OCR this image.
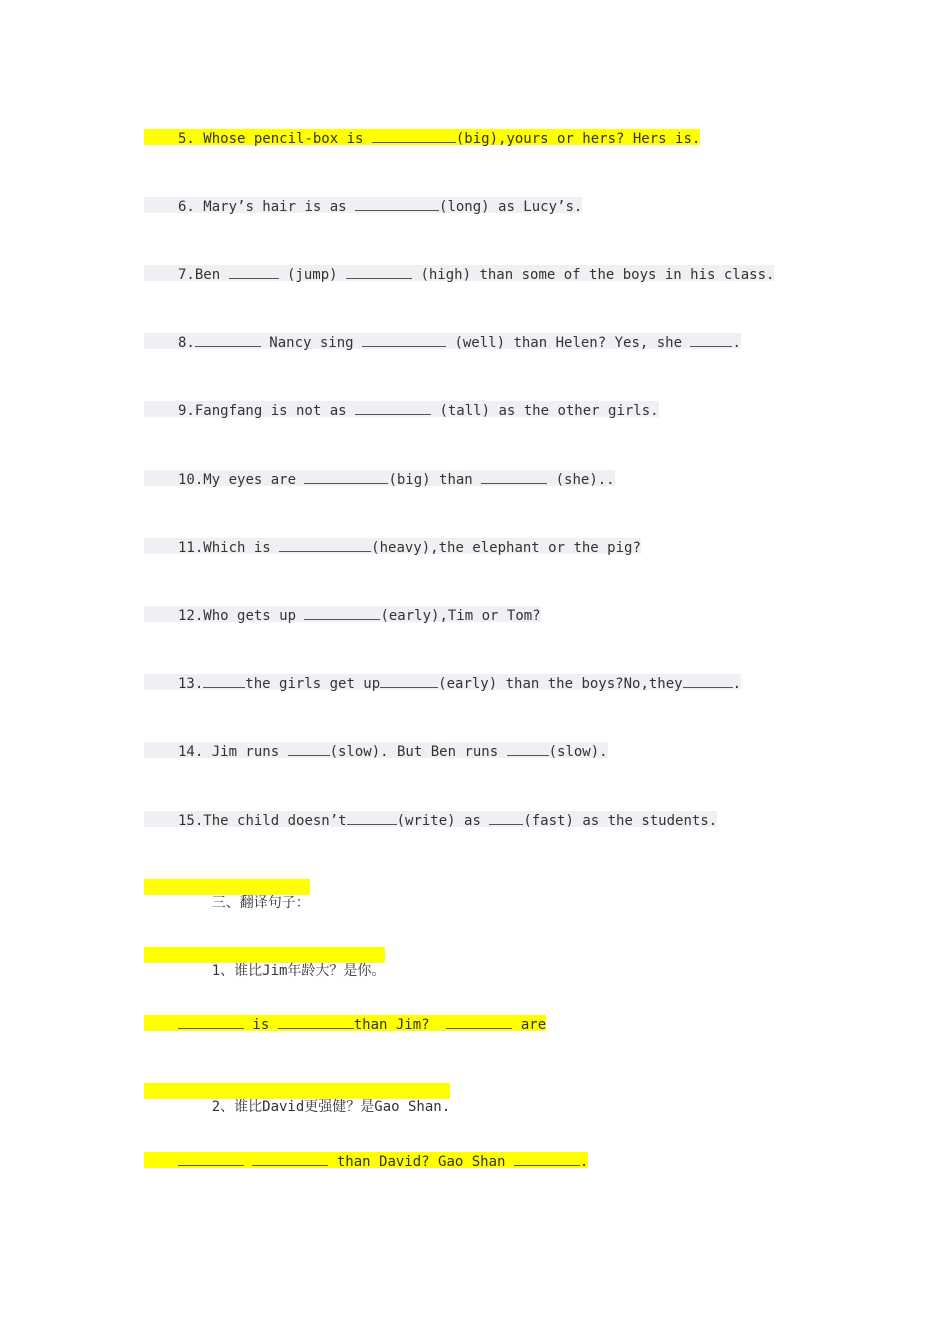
5. Whose pencil-box is	(big),yours or hers? Hers is.
6. Mary’s hair is as	(long) as Lucy’s.
7.Ben	(jump)	(high) than some of the boys in his class.
8.	Nancy sing	(well) than Helen? Yes, she	.
9.Fangfang is not as	(tall) as the other girls.
10.My eyes are	(big) than	(she)..
11.Which is	(heavy),the elephant or the pig?
12.Who gets up	(early),Tim or Tom?
13.	the girls get up	(early) than the boys?No,they	.
14. Jim runs	(slow). But Ben runs	(slow).
15.The child doesn’t	(write) as (fast) as the students.

三、翻译句子：

1、谁比Jim年龄大？是你。

is	than Jim?	are

2、谁比David更强健？是Gao Shan.

than David? Gao Shan	.
